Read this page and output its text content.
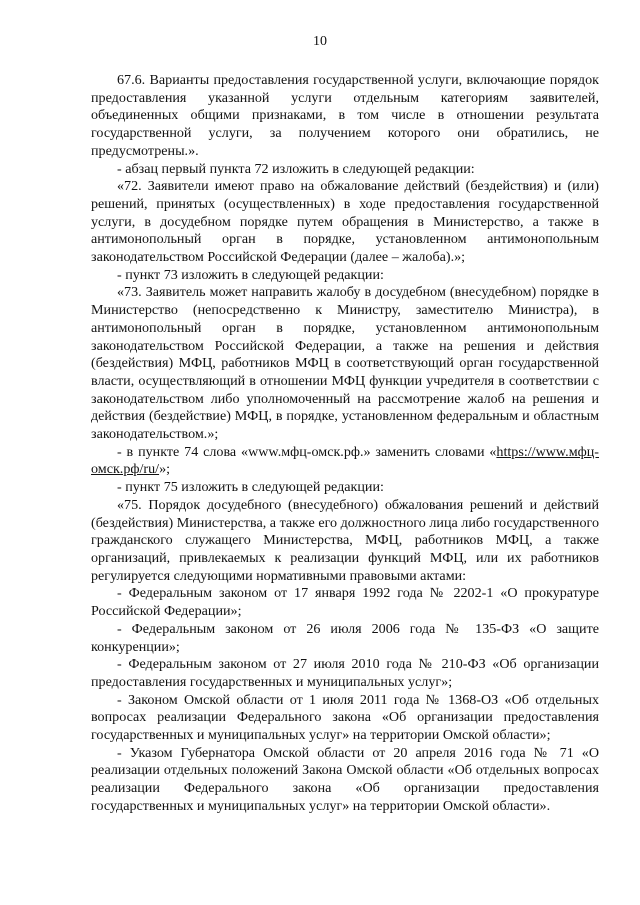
10

67.6. Варианты предоставления государственной услуги, включающие порядок предоставления указанной услуги отдельным категориям заявителей, объединенных общими признаками, в том числе в отношении результата государственной услуги, за получением которого они обратились, не предусмотрены.».

- абзац первый пункта 72 изложить в следующей редакции:

«72. Заявители имеют право на обжалование действий (бездействия) и (или) решений, принятых (осуществленных) в ходе предоставления государственной услуги, в досудебном порядке путем обращения в Министерство, а также в антимонопольный орган в порядке, установленном антимонопольным законодательством Российской Федерации (далее – жалоба).»;

- пункт 73 изложить в следующей редакции:

«73. Заявитель может направить жалобу в досудебном (внесудебном) порядке в Министерство (непосредственно к Министру, заместителю Министра), в антимонопольный орган в порядке, установленном антимонопольным законодательством Российской Федерации, а также на решения и действия (бездействия) МФЦ, работников МФЦ в соответствующий орган государственной власти, осуществляющий в отношении МФЦ функции учредителя в соответствии с законодательством либо уполномоченный на рассмотрение жалоб на решения и действия (бездействие) МФЦ, в порядке, установленном федеральным и областным законодательством.»;

- в пункте 74 слова «www.мфц-омск.рф.» заменить словами «https://www.мфц-омск.рф/ru/»;

- пункт 75 изложить в следующей редакции:

«75. Порядок досудебного (внесудебного) обжалования решений и действий (бездействия) Министерства, а также его должностного лица либо государственного гражданского служащего Министерства, МФЦ, работников МФЦ, а также организаций, привлекаемых к реализации функций МФЦ, или их работников регулируется следующими нормативными правовыми актами:

- Федеральным законом от 17 января 1992 года № 2202-1 «О прокуратуре Российской Федерации»;

- Федеральным законом от 26 июля 2006 года № 135-ФЗ «О защите конкуренции»;

- Федеральным законом от 27 июля 2010 года № 210-ФЗ «Об организации предоставления государственных и муниципальных услуг»;

- Законом Омской области от 1 июля 2011 года № 1368-ОЗ «Об отдельных вопросах реализации Федерального закона «Об организации предоставления государственных и муниципальных услуг» на территории Омской области»;

- Указом Губернатора Омской области от 20 апреля 2016 года № 71 «О реализации отдельных положений Закона Омской области «Об отдельных вопросах реализации Федерального закона «Об организации предоставления государственных и муниципальных услуг» на территории Омской области».
